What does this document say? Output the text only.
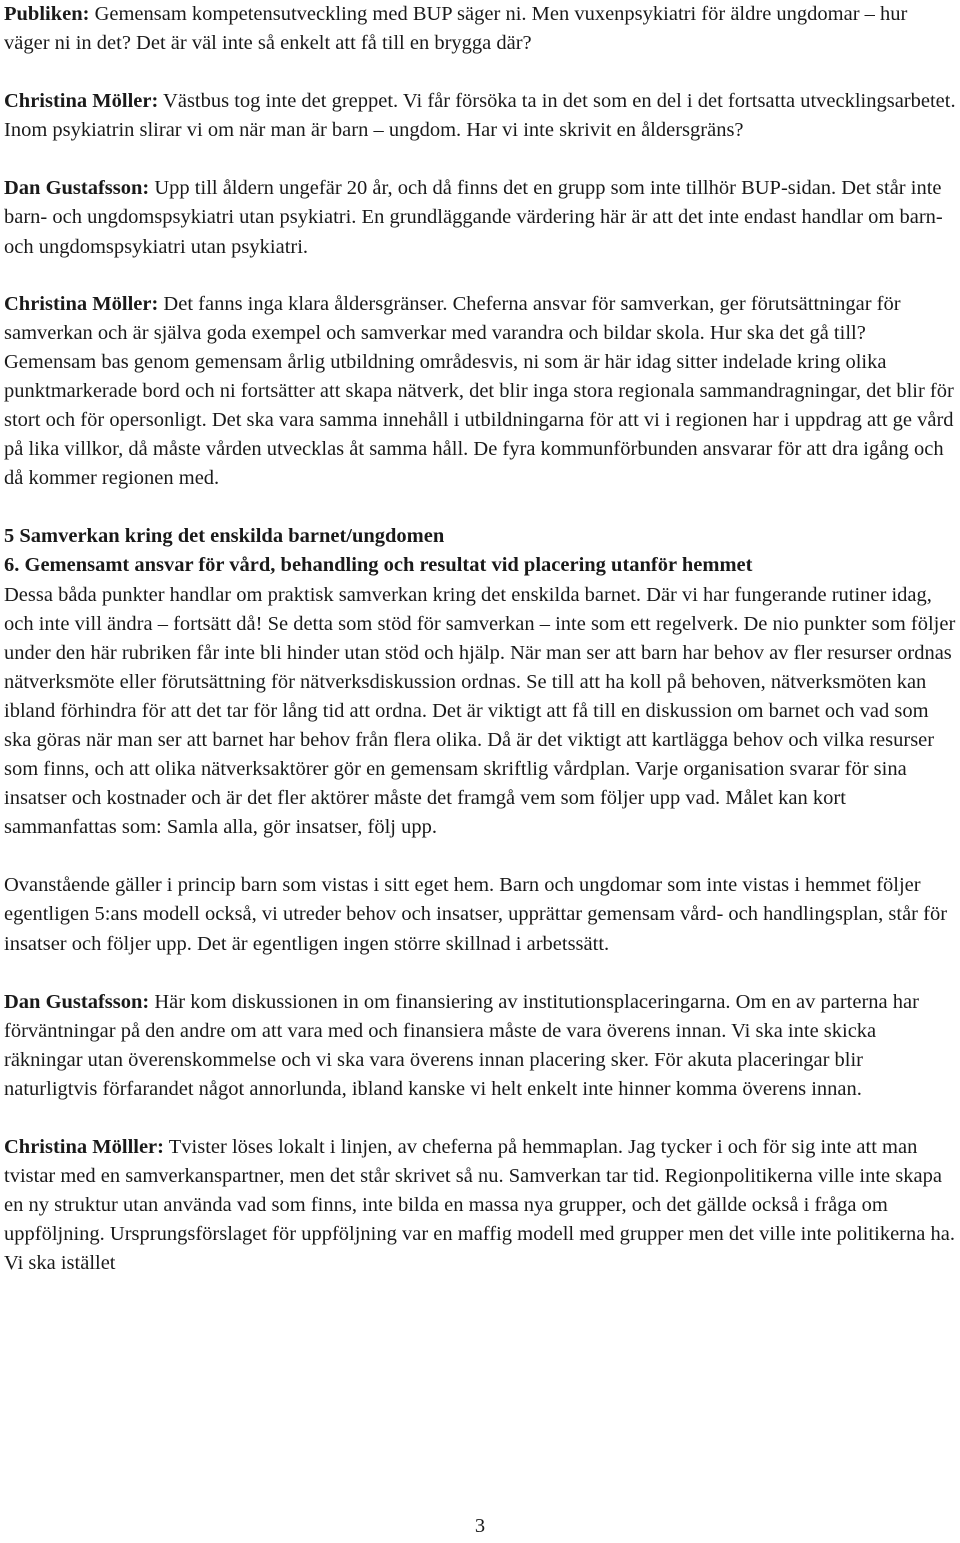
Publiken: Gemensam kompetensutveckling med BUP säger ni. Men vuxenpsykiatri för äldre ungdomar – hur väger ni in det? Det är väl inte så enkelt att få till en brygga där?

Christina Möller: Västbus tog inte det greppet. Vi får försöka ta in det som en del i det fortsatta utvecklingsarbetet. Inom psykiatrin slirar vi om när man är barn – ungdom. Har vi inte skrivit en åldersgräns?

Dan Gustafsson: Upp till åldern ungefär 20 år, och då finns det en grupp som inte tillhör BUP-sidan. Det står inte barn- och ungdomspsykiatri utan psykiatri. En grundläggande värdering här är att det inte endast handlar om barn- och ungdomspsykiatri utan psykiatri.

Christina Möller: Det fanns inga klara åldersgränser. Cheferna ansvar för samverkan, ger förutsättningar för samverkan och är själva goda exempel och samverkar med varandra och bildar skola. Hur ska det gå till? Gemensam bas genom gemensam årlig utbildning områdesvis, ni som är här idag sitter indelade kring olika punktmarkerade bord och ni fortsätter att skapa nätverk, det blir inga stora regionala sammandragningar, det blir för stort och för opersonligt. Det ska vara samma innehåll i utbildningarna för att vi i regionen har i uppdrag att ge vård på lika villkor, då måste vården utvecklas åt samma håll. De fyra kommunförbunden ansvarar för att dra igång och då kommer regionen med.

5 Samverkan kring det enskilda barnet/ungdomen

6. Gemensamt ansvar för vård, behandling och resultat vid placering utanför hemmet

Dessa båda punkter handlar om praktisk samverkan kring det enskilda barnet. Där vi har fungerande rutiner idag, och inte vill ändra – fortsätt då! Se detta som stöd för samverkan – inte som ett regelverk. De nio punkter som följer under den här rubriken får inte bli hinder utan stöd och hjälp. När man ser att barn har behov av fler resurser ordnas nätverksmöte eller förutsättning för nätverksdiskussion ordnas. Se till att ha koll på behoven, nätverksmöten kan ibland förhindra för att det tar för lång tid att ordna. Det är viktigt att få till en diskussion om barnet och vad som ska göras när man ser att barnet har behov från flera olika. Då är det viktigt att kartlägga behov och vilka resurser som finns, och att olika nätverksaktörer gör en gemensam skriftlig vårdplan. Varje organisation svarar för sina insatser och kostnader och är det fler aktörer måste det framgå vem som följer upp vad. Målet kan kort sammanfattas som: Samla alla, gör insatser, följ upp.

Ovanstående gäller i princip barn som vistas i sitt eget hem. Barn och ungdomar som inte vistas i hemmet följer egentligen 5:ans modell också, vi utreder behov och insatser, upprättar gemensam vård- och handlingsplan, står för insatser och följer upp. Det är egentligen ingen större skillnad i arbetssätt.

Dan Gustafsson: Här kom diskussionen in om finansiering av institutionsplaceringarna. Om en av parterna har förväntningar på den andre om att vara med och finansiera måste de vara överens innan. Vi ska inte skicka räkningar utan överenskommelse och vi ska vara överens innan placering sker. För akuta placeringar blir naturligtvis förfarandet något annorlunda, ibland kanske vi helt enkelt inte hinner komma överens innan.

Christina Mölller: Tvister löses lokalt i linjen, av cheferna på hemmaplan. Jag tycker i och för sig inte att man tvistar med en samverkanspartner, men det står skrivet så nu. Samverkan tar tid. Regionpolitikerna ville inte skapa en ny struktur utan använda vad som finns, inte bilda en massa nya grupper, och det gällde också i fråga om uppföljning. Ursprungsförslaget för uppföljning var en maffig modell med grupper men det ville inte politikerna ha. Vi ska istället

3
